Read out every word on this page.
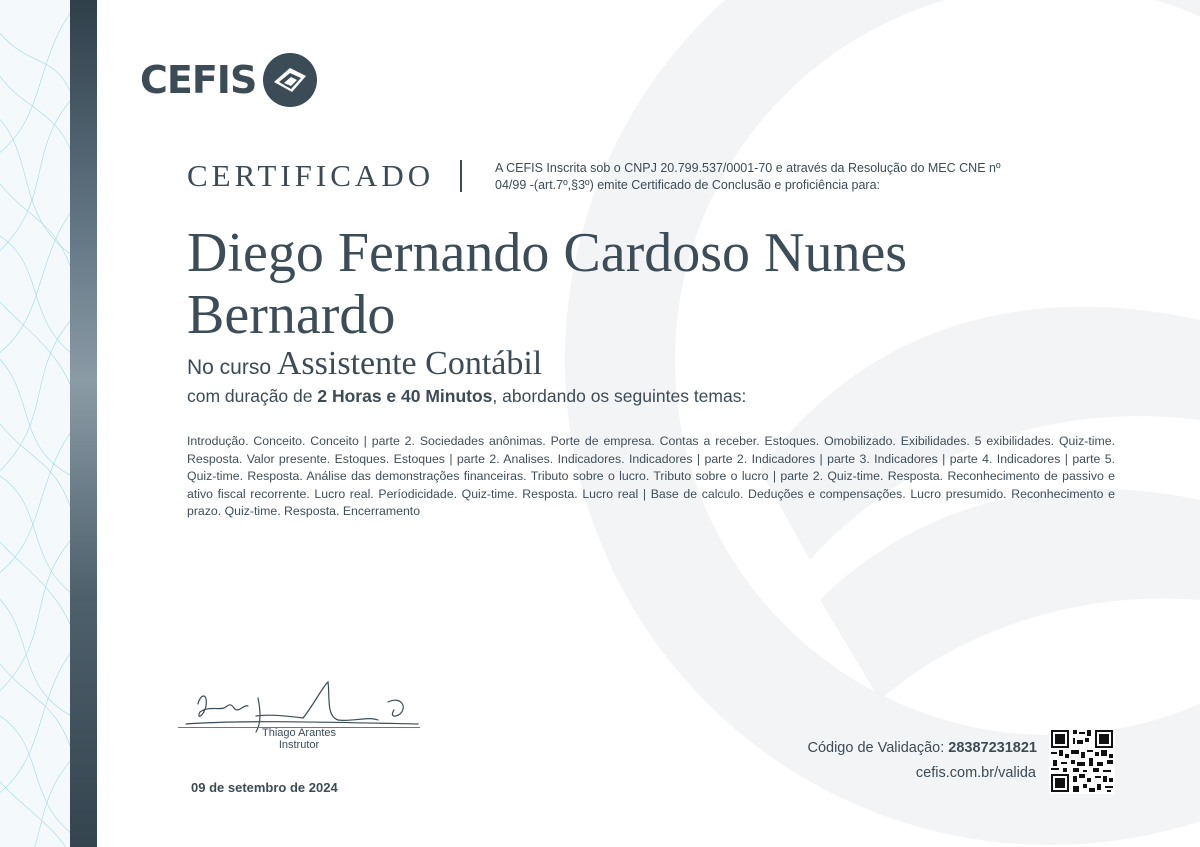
CEFIS
CERTIFICADO	A CEFIS Inscrita sob o CNPJ 20.799.537/0001-70 e através da Resolução do MEC CNE nº 04/99 -(art.7º,§3º) emite Certificado de Conclusão e proficiência para:
Diego Fernando Cardoso Nunes Bernardo
No curso Assistente Contábil
com duração de 2 Horas e 40 Minutos, abordando os seguintes temas:
Introdução. Conceito. Conceito | parte 2. Sociedades anônimas. Porte de empresa. Contas a receber. Estoques. Omobilizado. Exibilidades. 5 exibilidades. Quiz-time. Resposta. Valor presente. Estoques. Estoques | parte 2. Analises. Indicadores. Indicadores | parte 2. Indicadores | parte 3. Indicadores | parte 4. Indicadores | parte 5. Quiz-time. Resposta. Análise das demonstrações financeiras. Tributo sobre o lucro. Tributo sobre o lucro | parte 2. Quiz-time. Resposta. Reconhecimento de passivo e ativo fiscal recorrente. Lucro real. Períodicidade. Quiz-time. Resposta. Lucro real | Base de calculo. Deduções e compensações. Lucro presumido. Reconhecimento e prazo. Quiz-time. Resposta. Encerramento
Thiago Arantes
Instrutor
09 de setembro de 2024
Código de Validação: 28387231821
cefis.com.br/valida
